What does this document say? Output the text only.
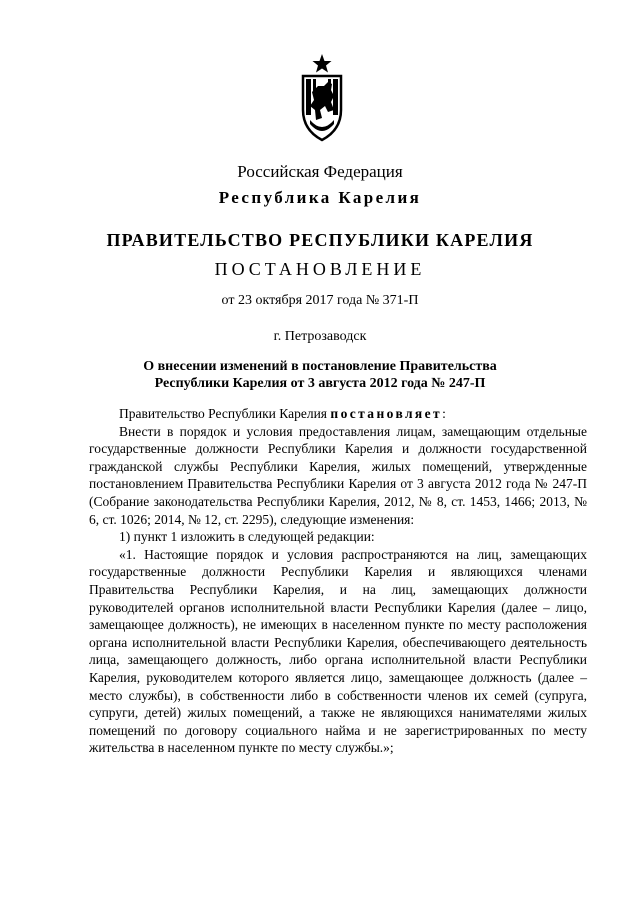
Российская Федерация
Республика Карелия
ПРАВИТЕЛЬСТВО РЕСПУБЛИКИ КАРЕЛИЯ
ПОСТАНОВЛЕНИЕ
от 23 октября 2017 года № 371-П
г. Петрозаводск
О внесении изменений в постановление Правительства
Республики Карелия от 3 августа 2012 года № 247-П

Правительство Республики Карелия постановляет:

Внести в порядок и условия предоставления лицам, замещающим отдельные государственные должности Республики Карелия и должности государственной гражданской службы Республики Карелия, жилых помещений, утвержденные постановлением Правительства Республики Карелия от 3 августа 2012 года № 247-П (Собрание законодательства Республики Карелия, 2012, № 8, ст. 1453, 1466; 2013, № 6, ст. 1026; 2014, № 12, ст. 2295), следующие изменения:

1) пункт 1 изложить в следующей редакции:

«1. Настоящие порядок и условия распространяются на лиц, замещающих государственные должности Республики Карелия и являющихся членами Правительства Республики Карелия, и на лиц, замещающих должности руководителей органов исполнительной власти Республики Карелия (далее – лицо, замещающее должность), не имеющих в населенном пункте по месту расположения органа исполнительной власти Республики Карелия, обеспечивающего деятельность лица, замещающего должность, либо органа исполнительной власти Республики Карелия, руководителем которого является лицо, замещающее должность (далее – место службы), в собственности либо в собственности членов их семей (супруга, супруги, детей) жилых помещений, а также не являющихся нанимателями жилых помещений по договору социального найма и не зарегистрированных по месту жительства в населенном пункте по месту службы.»;
